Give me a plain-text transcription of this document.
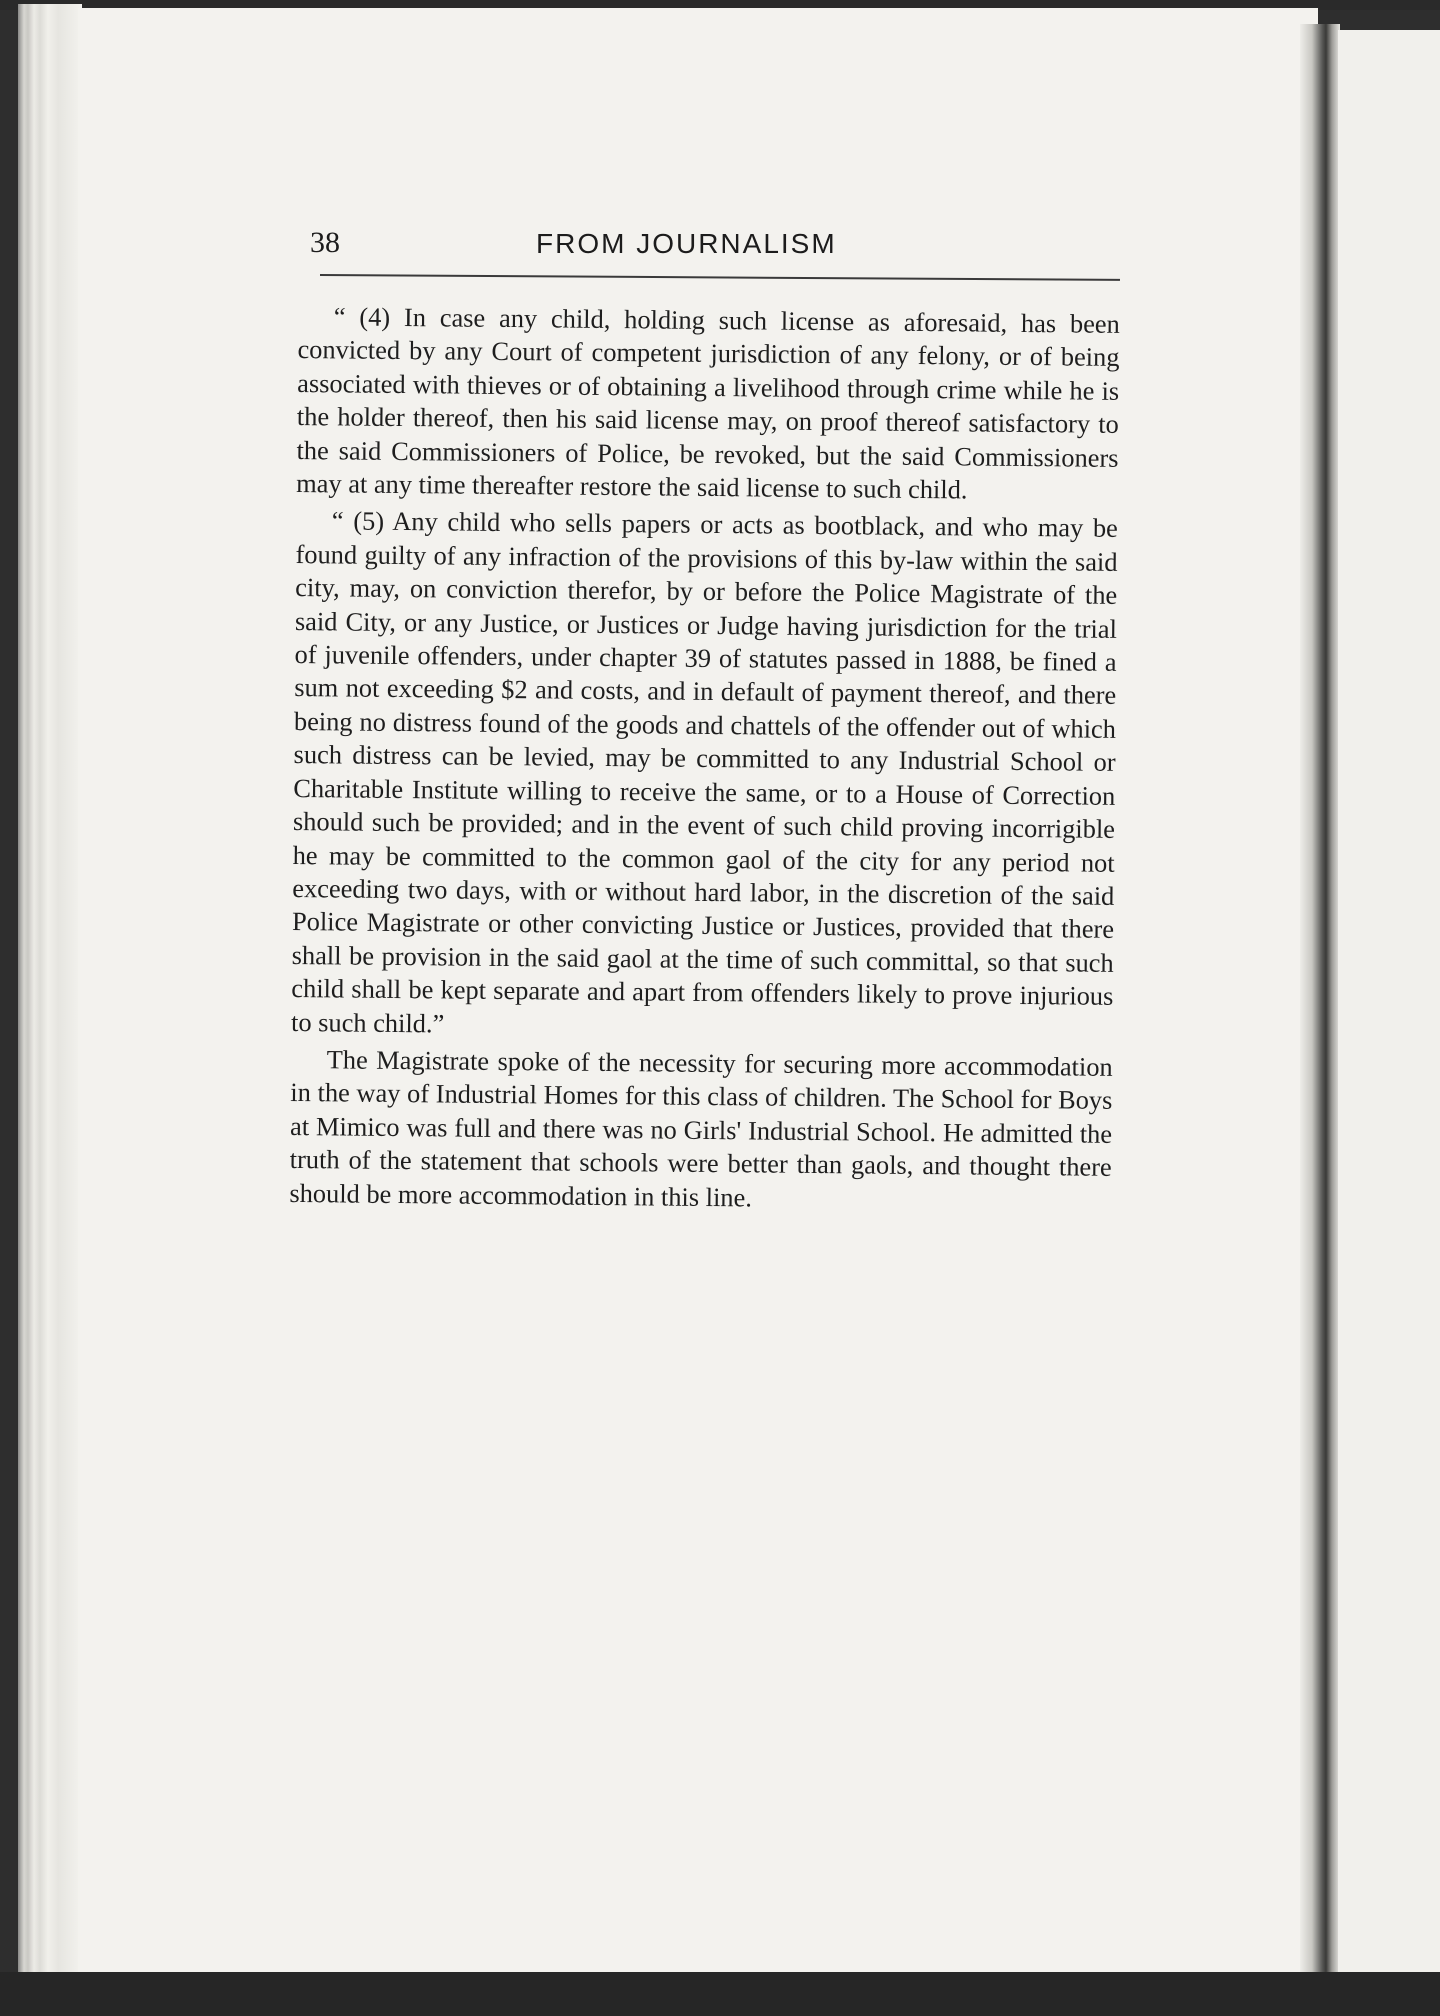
38	FROM JOURNALISM

“ (4) In case any child, holding such license as aforesaid, has been convicted by any Court of competent jurisdiction of any felony, or of being associated with thieves or of obtaining a livelihood through crime while he is the holder thereof, then his said license may, on proof thereof satisfactory to the said Commissioners of Police, be revoked, but the said Commissioners may at any time thereafter restore the said license to such child.

“ (5) Any child who sells papers or acts as bootblack, and who may be found guilty of any infraction of the provisions of this by-law within the said city, may, on conviction therefor, by or before the Police Magistrate of the said City, or any Justice, or Justices or Judge having jurisdiction for the trial of juvenile offenders, under chapter 39 of statutes passed in 1888, be fined a sum not exceeding $2 and costs, and in default of payment thereof, and there being no distress found of the goods and chattels of the offender out of which such distress can be levied, may be committed to any Industrial School or Charitable Institute willing to receive the same, or to a House of Correction should such be provided; and in the event of such child proving incorrigible he may be committed to the common gaol of the city for any period not exceeding two days, with or without hard labor, in the discretion of the said Police Magistrate or other convicting Justice or Justices, provided that there shall be provision in the said gaol at the time of such committal, so that such child shall be kept separate and apart from offenders likely to prove injurious to such child.”

The Magistrate spoke of the necessity for securing more accommodation in the way of Industrial Homes for this class of children. The School for Boys at Mimico was full and there was no Girls' Industrial School. He admitted the truth of the statement that schools were better than gaols, and thought there should be more accommodation in this line.
